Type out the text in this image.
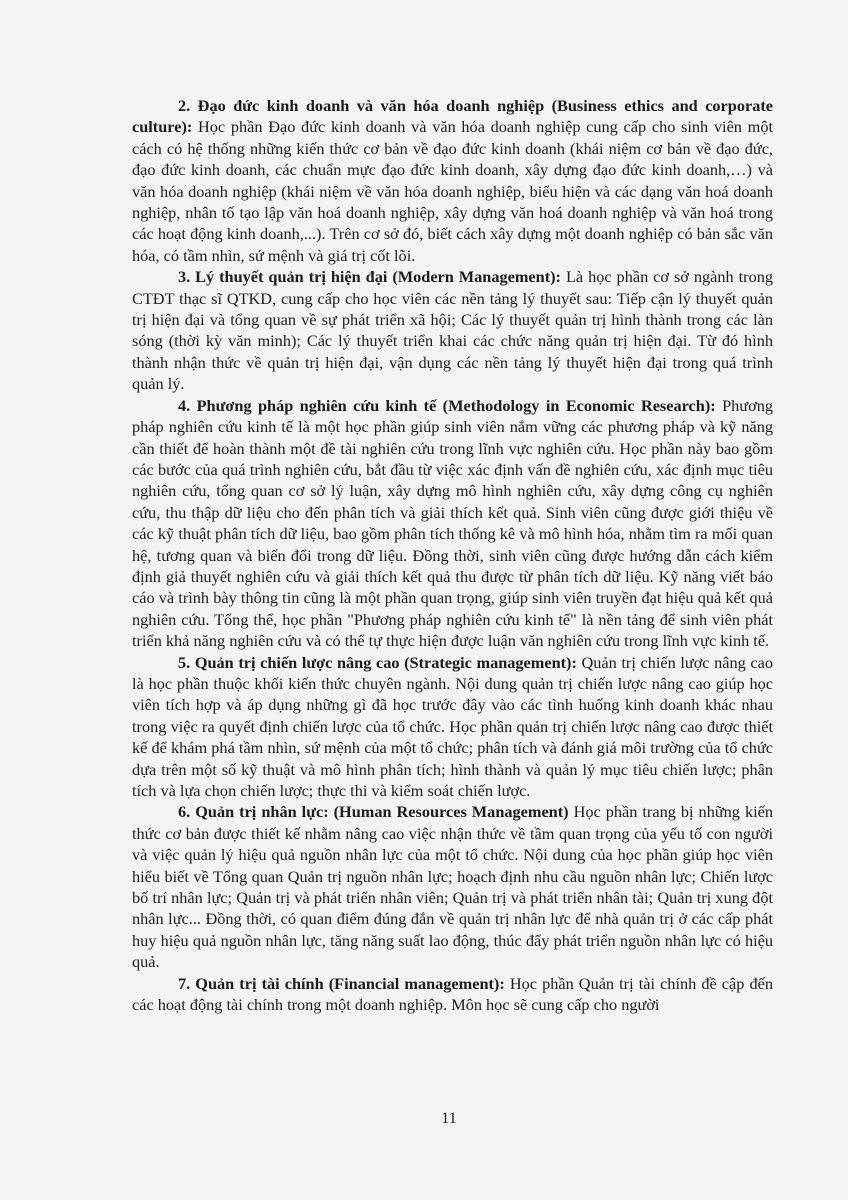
2. Đạo đức kinh doanh và văn hóa doanh nghiệp (Business ethics and corporate culture): Học phần Đạo đức kinh doanh và văn hóa doanh nghiệp cung cấp cho sinh viên một cách có hệ thống những kiến thức cơ bản về đạo đức kinh doanh (khái niệm cơ bản về đạo đức, đạo đức kinh doanh, các chuẩn mực đạo đức kinh doanh, xây dựng đạo đức kinh doanh,…) và văn hóa doanh nghiệp (khái niệm về văn hóa doanh nghiệp, biểu hiện và các dạng văn hoá doanh nghiệp, nhân tố tạo lập văn hoá doanh nghiệp, xây dựng văn hoá doanh nghiệp và văn hoá trong các hoạt động kinh doanh,...). Trên cơ sở đó, biết cách xây dựng một doanh nghiệp có bản sắc văn hóa, có tầm nhìn, sứ mệnh và giá trị cốt lõi.

3. Lý thuyết quản trị hiện đại (Modern Management): Là học phần cơ sở ngành trong CTĐT thạc sĩ QTKD, cung cấp cho học viên các nền tảng lý thuyết sau: Tiếp cận lý thuyết quản trị hiện đại và tổng quan về sự phát triển xã hội; Các lý thuyết quản trị hình thành trong các làn sóng (thời kỳ văn minh); Các lý thuyết triển khai các chức năng quản trị hiện đại. Từ đó hình thành nhận thức về quản trị hiện đại, vận dụng các nền tảng lý thuyết hiện đại trong quá trình quản lý.

4. Phương pháp nghiên cứu kinh tế (Methodology in Economic Research): Phương pháp nghiên cứu kinh tế là một học phần giúp sinh viên nắm vững các phương pháp và kỹ năng cần thiết để hoàn thành một đề tài nghiên cứu trong lĩnh vực nghiên cứu. Học phần này bao gồm các bước của quá trình nghiên cứu, bắt đầu từ việc xác định vấn đề nghiên cứu, xác định mục tiêu nghiên cứu, tổng quan cơ sở lý luận, xây dựng mô hình nghiên cứu, xây dựng công cụ nghiên cứu, thu thập dữ liệu cho đến phân tích và giải thích kết quả. Sinh viên cũng được giới thiệu về các kỹ thuật phân tích dữ liệu, bao gồm phân tích thống kê và mô hình hóa, nhằm tìm ra mối quan hệ, tương quan và biến đổi trong dữ liệu. Đồng thời, sinh viên cũng được hướng dẫn cách kiểm định giả thuyết nghiên cứu và giải thích kết quả thu được từ phân tích dữ liệu. Kỹ năng viết báo cáo và trình bày thông tin cũng là một phần quan trọng, giúp sinh viên truyền đạt hiệu quả kết quả nghiên cứu. Tổng thể, học phần "Phương pháp nghiên cứu kinh tế" là nền tảng để sinh viên phát triển khả năng nghiên cứu và có thể tự thực hiện được luận văn nghiên cứu trong lĩnh vực kinh tế.

5. Quản trị chiến lược nâng cao (Strategic management): Quản trị chiến lược nâng cao là học phần thuộc khối kiến thức chuyên ngành. Nội dung quản trị chiến lược nâng cao giúp học viên tích hợp và áp dụng những gì đã học trước đây vào các tình huống kinh doanh khác nhau trong việc ra quyết định chiến lược của tổ chức. Học phần quản trị chiến lược nâng cao được thiết kế để khám phá tầm nhìn, sứ mệnh của một tổ chức; phân tích và đánh giá môi trường của tổ chức dựa trên một số kỹ thuật và mô hình phân tích; hình thành và quản lý mục tiêu chiến lược; phân tích và lựa chọn chiến lược; thực thi và kiểm soát chiến lược.

6. Quản trị nhân lực: (Human Resources Management) Học phần trang bị những kiến thức cơ bản được thiết kế nhằm nâng cao việc nhận thức về tầm quan trọng của yếu tố con người và việc quản lý hiệu quả nguồn nhân lực của một tổ chức. Nội dung của học phần giúp học viên hiểu biết về Tổng quan Quản trị nguồn nhân lực; hoạch định nhu cầu nguồn nhân lực; Chiến lược bố trí nhân lực; Quản trị và phát triển nhân viên; Quản trị và phát triển nhân tài; Quản trị xung đột nhân lực... Đồng thời, có quan điểm đúng đắn về quản trị nhân lực để nhà quản trị ở các cấp phát huy hiệu quả nguồn nhân lực, tăng năng suất lao động, thúc đẩy phát triển nguồn nhân lực có hiệu quả.

7. Quản trị tài chính (Financial management): Học phần Quản trị tài chính đề cập đến các hoạt động tài chính trong một doanh nghiệp. Môn học sẽ cung cấp cho người

11
